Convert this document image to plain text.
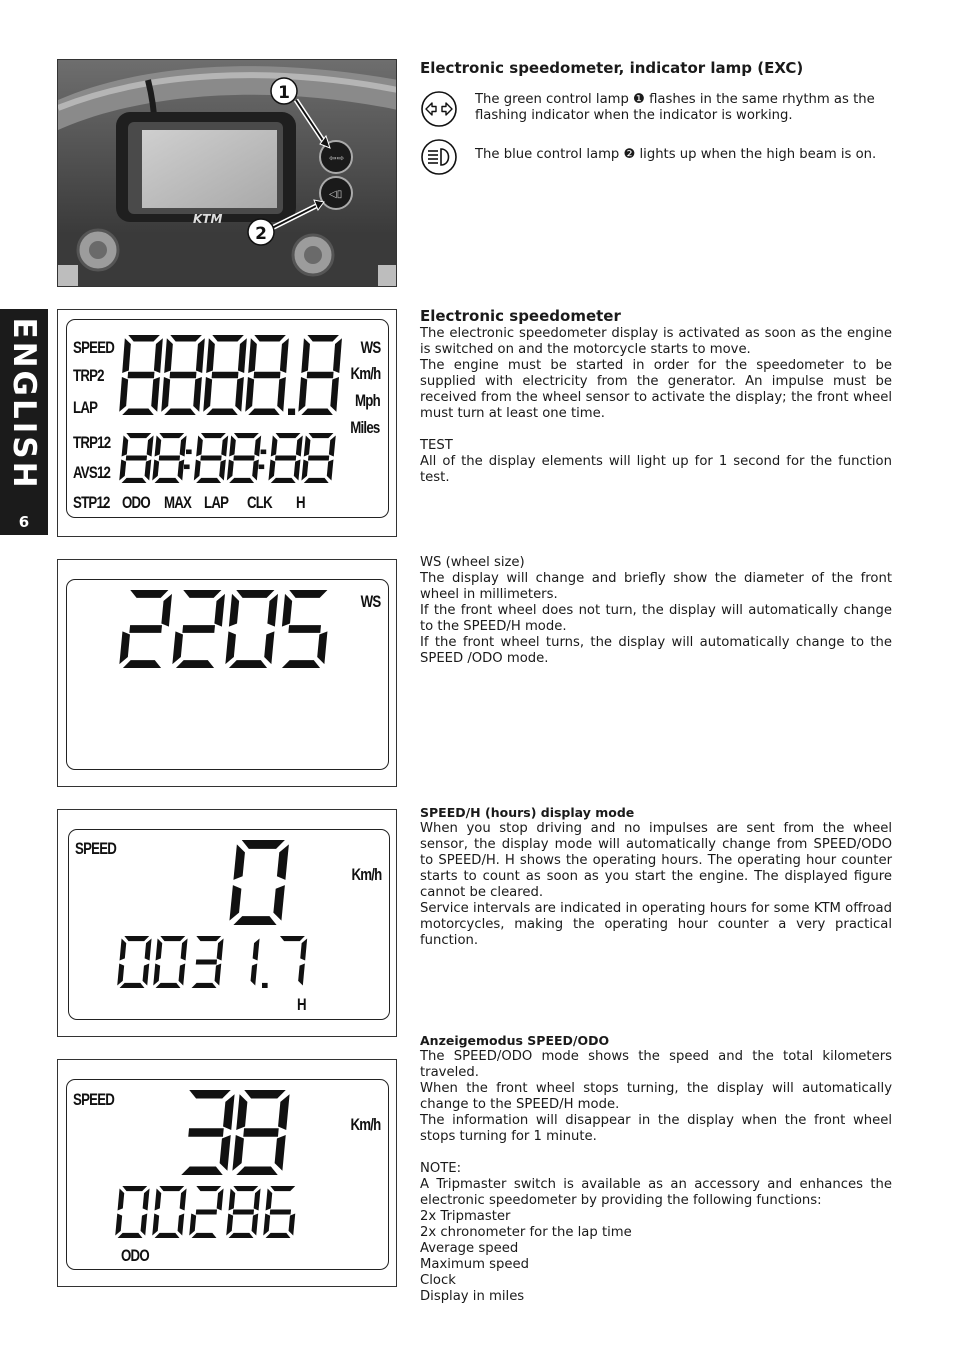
ENGLISH
6
KTM
⇦⇨
◁▯
1
2

Electronic speedometer, indicator lamp (EXC)

The green control lamp ❶ flashes in the same rhythm as the flashing indicator when the indicator is working.
The blue control lamp ❷ lights up when the high beam is on.
SPEED
TRP2
LAP
TRP12
AVS12
STP12
WS
Km/h
Mph
Miles
ODO MAX LAP CLK H

Electronic speedometer

The electronic speedometer display is activated as soon as the engine is switched on and the motorcycle starts to move.

The engine must be started in order for the speedometer to be supplied with electricity from the generator. An impulse must be received from the wheel sensor to activate the display; the front wheel must turn at least one time.

TEST

All of the display elements will light up for 1 second for the function test.

WS

WS (wheel size)

The display will change and briefly show the diameter of the front wheel in millimeters.

If the front wheel does not turn, the display will automatically change to the SPEED/H mode.

If the front wheel turns, the display will automatically change to the SPEED /ODO mode.

SPEED
Km/h
H

SPEED/H (hours) display mode

When you stop driving and no impulses are sent from the wheel sensor, the display mode will automatically change from SPEED/ODO to SPEED/H. H shows the operating hours. The operating hour counter starts to count as soon as you start the engine. The displayed figure cannot be cleared.

Service intervals are indicated in operating hours for some KTM offroad motorcycles, making the operating hour counter a very practical function.

SPEED
Km/h
ODO

Anzeigemodus SPEED/ODO

The SPEED/ODO mode shows the speed and the total kilometers traveled.

When the front wheel stops turning, the display will automatically change to the SPEED/H mode.

The information will disappear in the display when the front wheel stops turning for 1 minute.

NOTE:

A Tripmaster switch is available as an accessory and enhances the electronic speedometer by providing the following functions:

2x Tripmaster

2x chronometer for the lap time

Average speed

Maximum speed

Clock

Display in miles
